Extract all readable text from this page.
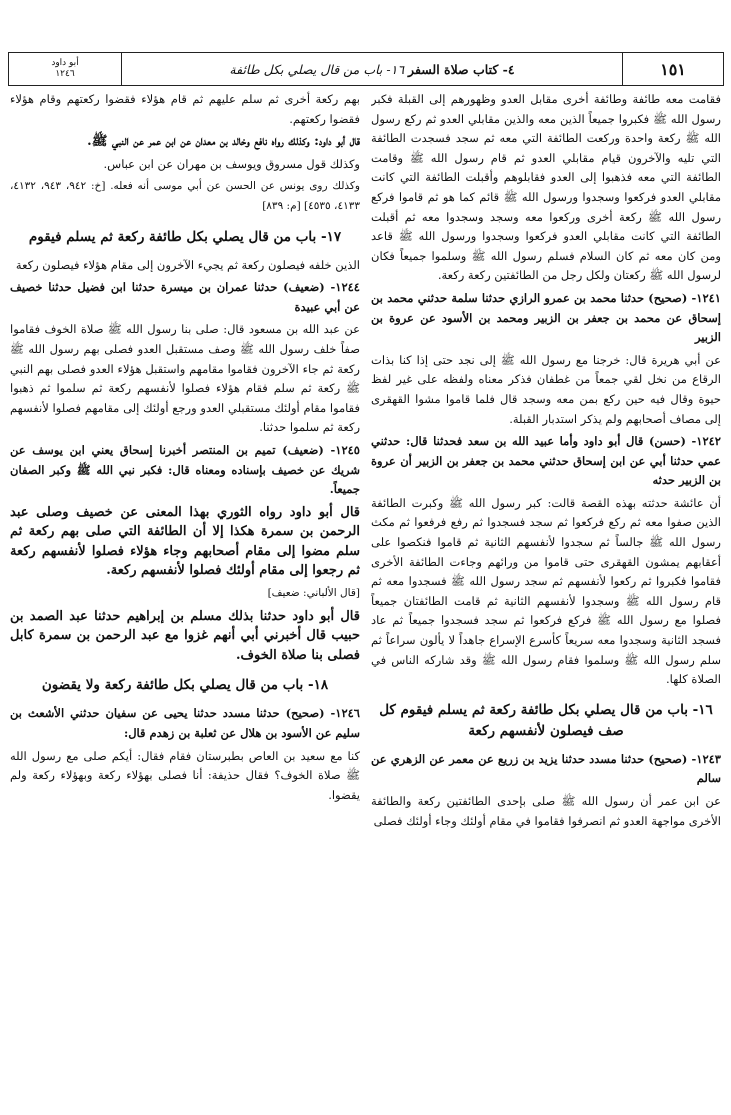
١٥١
٤- كتاب صلاة السفر
١٦- باب من قال يصلي بكل طائفة
أبو داود
١٢٤٦

فقامت معه طائفة وطائفة أخرى مقابل العدو وظهورهم إلى القبلة فكبر رسول الله ﷺ فكبروا جميعاً الذين معه والذين مقابلي العدو ثم ركع رسول الله ﷺ ركعة واحدة وركعت الطائفة التي معه ثم سجد فسجدت الطائفة التي تليه والآخرون قيام مقابلي العدو ثم قام رسول الله ﷺ وقامت الطائفة التي معه فذهبوا إلى العدو فقابلوهم وأقبلت الطائفة التي كانت مقابلي العدو فركعوا وسجدوا ورسول الله ﷺ قائم كما هو ثم قاموا فركع رسول الله ﷺ ركعة أخرى وركعوا معه وسجد وسجدوا معه ثم أقبلت الطائفة التي كانت مقابلي العدو فركعوا وسجدوا ورسول الله ﷺ قاعد ومن كان معه ثم كان السلام فسلم رسول الله ﷺ وسلموا جميعاً فكان لرسول الله ﷺ ركعتان ولكل رجل من الطائفتين ركعة ركعة.

١٢٤١- (صحيح) حدثنا محمد بن عمرو الرازي حدثنا سلمة حدثني محمد بن إسحاق عن محمد بن جعفر بن الزبير ومحمد بن الأسود عن عروة بن الزبير

عن أبي هريرة قال: خرجنا مع رسول الله ﷺ إلى نجد حتى إذا كنا بذات الرقاع من نخل لقي جمعاً من غطفان فذكر معناه ولفظه على غير لفظ حيوة وقال فيه حين ركع بمن معه وسجد قال فلما قاموا مشوا القهقرى إلى مصاف أصحابهم ولم يذكر استدبار القبلة.

١٢٤٢- (حسن) قال أبو داود وأما عبيد الله بن سعد فحدثنا قال: حدثني عمي حدثنا أبي عن ابن إسحاق حدثني محمد بن جعفر بن الزبير أن عروة بن الزبير حدثه

أن عائشة حدثته بهذه القصة قالت: كبر رسول الله ﷺ وكبرت الطائفة الذين صفوا معه ثم ركع فركعوا ثم سجد فسجدوا ثم رفع فرفعوا ثم مكث رسول الله ﷺ جالساً ثم سجدوا لأنفسهم الثانية ثم قاموا فنكصوا على أعقابهم يمشون القهقرى حتى قاموا من ورائهم وجاءت الطائفة الأخرى فقاموا فكبروا ثم ركعوا لأنفسهم ثم سجد رسول الله ﷺ فسجدوا معه ثم قام رسول الله ﷺ وسجدوا لأنفسهم الثانية ثم قامت الطائفتان جميعاً فصلوا مع رسول الله ﷺ فركع فركعوا ثم سجد فسجدوا جميعاً ثم عاد فسجد الثانية وسجدوا معه سريعاً كأسرع الإسراع جاهداً لا يألون سراعاً ثم سلم رسول الله ﷺ وسلموا فقام رسول الله ﷺ وقد شاركه الناس في الصلاة كلها.

١٦- باب من قال يصلي بكل طائفة ركعة ثم يسلم فيقوم كل صف فيصلون لأنفسهم ركعة

١٢٤٣- (صحيح) حدثنا مسدد حدثنا يزيد بن زريع عن معمر عن الزهري عن سالم

عن ابن عمر أن رسول الله ﷺ صلى بإحدى الطائفتين ركعة والطائفة الأخرى مواجهة العدو ثم انصرفوا فقاموا في مقام أولئك وجاء أولئك فصلى

بهم ركعة أخرى ثم سلم عليهم ثم قام هؤلاء فقضوا ركعتهم وقام هؤلاء فقضوا ركعتهم.

قال أبو داود: وكذلك رواه نافع وخالد بن معدان عن ابن عمر عن النبي ﷺ.

وكذلك قول مسروق ويوسف بن مهران عن ابن عباس.

وكذلك روى يونس عن الحسن عن أبي موسى أنه فعله. [خ: ٩٤٢، ٩٤٣، ٤١٣٢، ٤١٣٣، ٤٥٣٥] [م: ٨٣٩]

١٧- باب من قال يصلي بكل طائفة ركعة ثم يسلم فيقوم

الذين خلفه فيصلون ركعة ثم يجيء الآخرون إلى مقام هؤلاء فيصلون ركعة

١٢٤٤- (ضعيف) حدثنا عمران بن ميسرة حدثنا ابن فضيل حدثنا خصيف عن أبي عبيدة

عن عبد الله بن مسعود قال: صلى بنا رسول الله ﷺ صلاة الخوف فقاموا صفاً خلف رسول الله ﷺ وصف مستقبل العدو فصلى بهم رسول الله ﷺ ركعة ثم جاء الآخرون فقاموا مقامهم واستقبل هؤلاء العدو فصلى بهم النبي ﷺ ركعة ثم سلم فقام هؤلاء فصلوا لأنفسهم ركعة ثم سلموا ثم ذهبوا فقاموا مقام أولئك مستقبلي العدو ورجع أولئك إلى مقامهم فصلوا لأنفسهم ركعة ثم سلموا حدثنا.

١٢٤٥- (ضعيف) تميم بن المنتصر أخبرنا إسحاق يعني ابن يوسف عن شريك عن خصيف بإسناده ومعناه قال: فكبر نبي الله ﷺ وكبر الصفان جميعاً.

قال أبو داود رواه الثوري بهذا المعنى عن خصيف وصلى عبد الرحمن بن سمرة هكذا إلا أن الطائفة التي صلى بهم ركعة ثم سلم مضوا إلى مقام أصحابهم وجاء هؤلاء فصلوا لأنفسهم ركعة ثم رجعوا إلى مقام أولئك فصلوا لأنفسهم ركعة.

[قال الألباني: ضعيف]

قال أبو داود حدثنا بذلك مسلم بن إبراهيم حدثنا عبد الصمد بن حبيب قال أخبرني أبي أنهم غزوا مع عبد الرحمن بن سمرة كابل فصلى بنا صلاة الخوف.

١٨- باب من قال يصلي بكل طائفة ركعة ولا يقضون

١٢٤٦- (صحيح) حدثنا مسدد حدثنا يحيى عن سفيان حدثني الأشعث بن سليم عن الأسود بن هلال عن ثعلبة بن زهدم قال:

كنا مع سعيد بن العاص بطبرستان فقام فقال: أيكم صلى مع رسول الله ﷺ صلاة الخوف؟ فقال حذيفة: أنا فصلى بهؤلاء ركعة وبهؤلاء ركعة ولم يقضوا.
